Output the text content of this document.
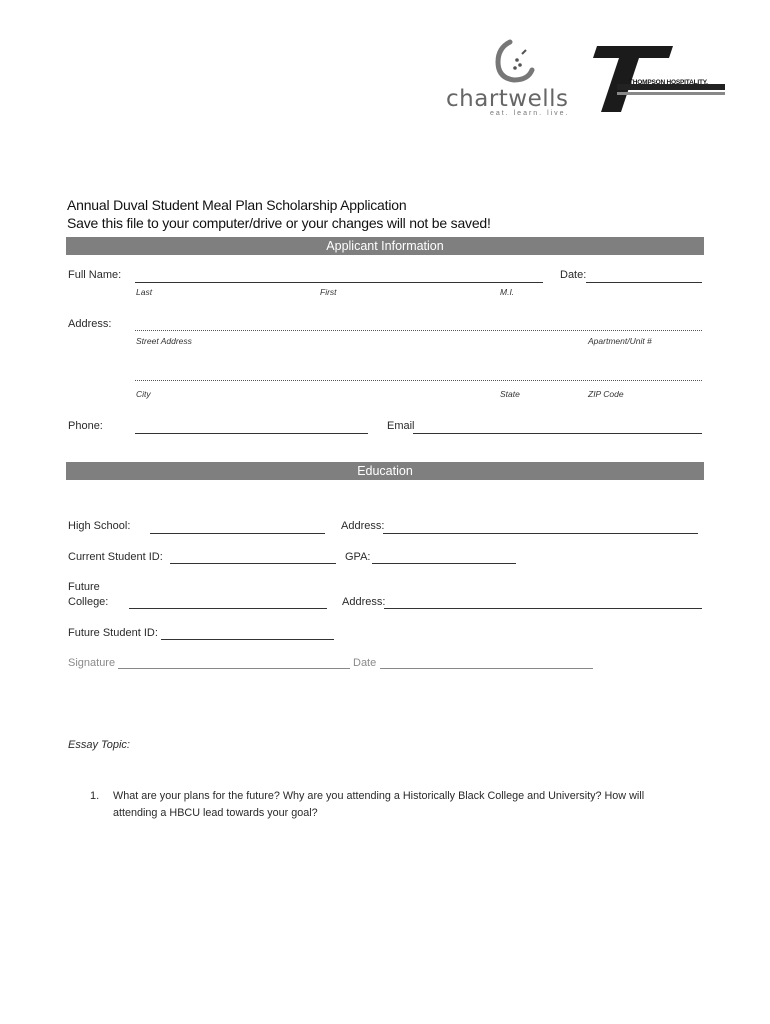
chartwells
eat. learn. live.
THOMPSON HOSPITALITY.
Annual Duval Student Meal Plan Scholarship Application
Save this file to your computer/drive or your changes will not be saved!
Applicant Information
Full Name:	Date:
Last	First	M.I.
Address:
Street Address	Apartment/Unit #
City	State	ZIP Code
Phone:	Email
Education
High School:	Address:
Current Student ID:	GPA:
Future
College:	Address:
Future Student ID:
Signature	Date
Essay Topic:
1. What are your plans for the future? Why are you attending a Historically Black College and University? How will
attending a HBCU lead towards your goal?
